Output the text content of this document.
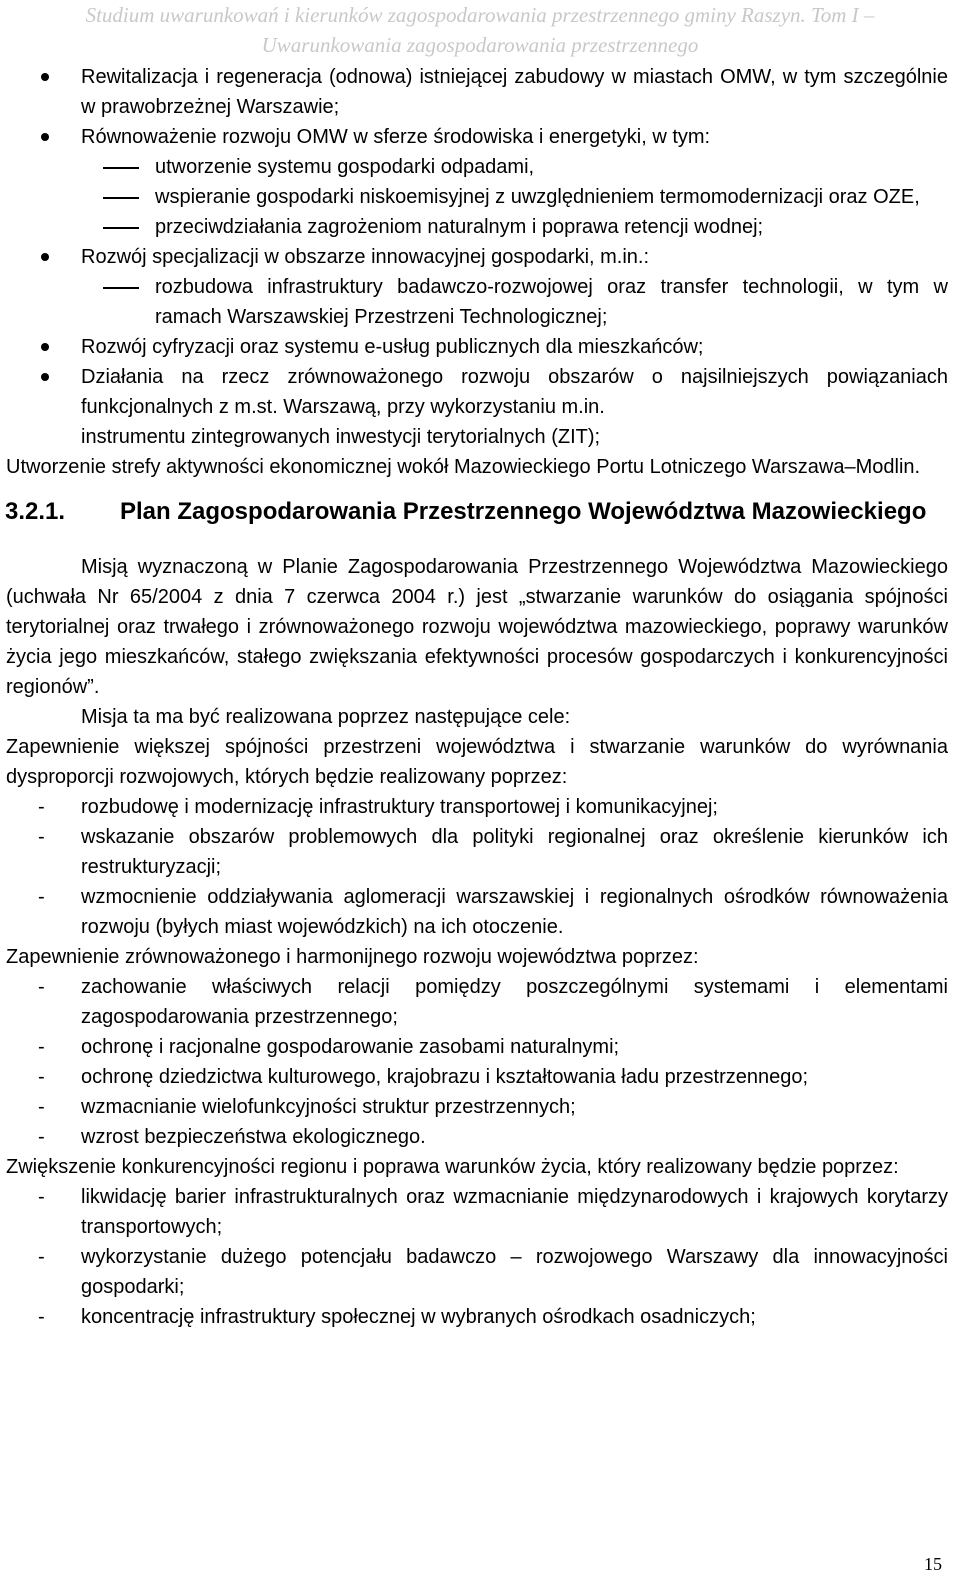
Studium uwarunkowań i kierunków zagospodarowania przestrzennego gminy Raszyn. Tom I –
Uwarunkowania zagospodarowania przestrzennego
Rewitalizacja i regeneracja (odnowa) istniejącej zabudowy w miastach OMW, w tym szczególnie w prawobrzeżnej Warszawie;
Równoważenie rozwoju OMW w sferze środowiska i energetyki, w tym:
utworzenie systemu gospodarki odpadami,
wspieranie gospodarki niskoemisyjnej z uwzględnieniem termomodernizacji oraz OZE,
przeciwdziałania zagrożeniom naturalnym i poprawa retencji wodnej;
Rozwój specjalizacji w obszarze innowacyjnej gospodarki, m.in.:
rozbudowa infrastruktury badawczo-rozwojowej oraz transfer technologii, w tym w ramach Warszawskiej Przestrzeni Technologicznej;
Rozwój cyfryzacji oraz systemu e-usług publicznych dla mieszkańców;
Działania na rzecz zrównoważonego rozwoju obszarów o najsilniejszych powiązaniach funkcjonalnych z m.st. Warszawą, przy wykorzystaniu m.in.
instrumentu zintegrowanych inwestycji terytorialnych (ZIT);
Utworzenie strefy aktywności ekonomicznej wokół Mazowieckiego Portu Lotniczego Warszawa–Modlin.
3.2.1. Plan Zagospodarowania Przestrzennego Województwa Mazowieckiego

Misją wyznaczoną w Planie Zagospodarowania Przestrzennego Województwa Mazowieckiego (uchwała Nr 65/2004 z dnia 7 czerwca 2004 r.) jest „stwarzanie warunków do osiągania spójności terytorialnej oraz trwałego i zrównoważonego rozwoju województwa mazowieckiego, poprawy warunków życia jego mieszkańców, stałego zwiększania efektywności procesów gospodarczych i konkurencyjności regionów”.

Misja ta ma być realizowana poprzez następujące cele:

Zapewnienie większej spójności przestrzeni województwa i stwarzanie warunków do wyrównania dysproporcji rozwojowych, których będzie realizowany poprzez:

- rozbudowę i modernizację infrastruktury transportowej i komunikacyjnej;
- wskazanie obszarów problemowych dla polityki regionalnej oraz określenie kierunków ich restrukturyzacji;
- wzmocnienie oddziaływania aglomeracji warszawskiej i regionalnych ośrodków równoważenia rozwoju (byłych miast wojewódzkich) na ich otoczenie.

Zapewnienie zrównoważonego i harmonijnego rozwoju województwa poprzez:

- zachowanie właściwych relacji pomiędzy poszczególnymi systemami i elementami zagospodarowania przestrzennego;
- ochronę i racjonalne gospodarowanie zasobami naturalnymi;
- ochronę dziedzictwa kulturowego, krajobrazu i kształtowania ładu przestrzennego;
- wzmacnianie wielofunkcyjności struktur przestrzennych;
- wzrost bezpieczeństwa ekologicznego.

Zwiększenie konkurencyjności regionu i poprawa warunków życia, który realizowany będzie poprzez:

- likwidację barier infrastrukturalnych oraz wzmacnianie międzynarodowych i krajowych korytarzy transportowych;
- wykorzystanie dużego potencjału badawczo – rozwojowego Warszawy dla innowacyjności gospodarki;
- koncentrację infrastruktury społecznej w wybranych ośrodkach osadniczych;
15
